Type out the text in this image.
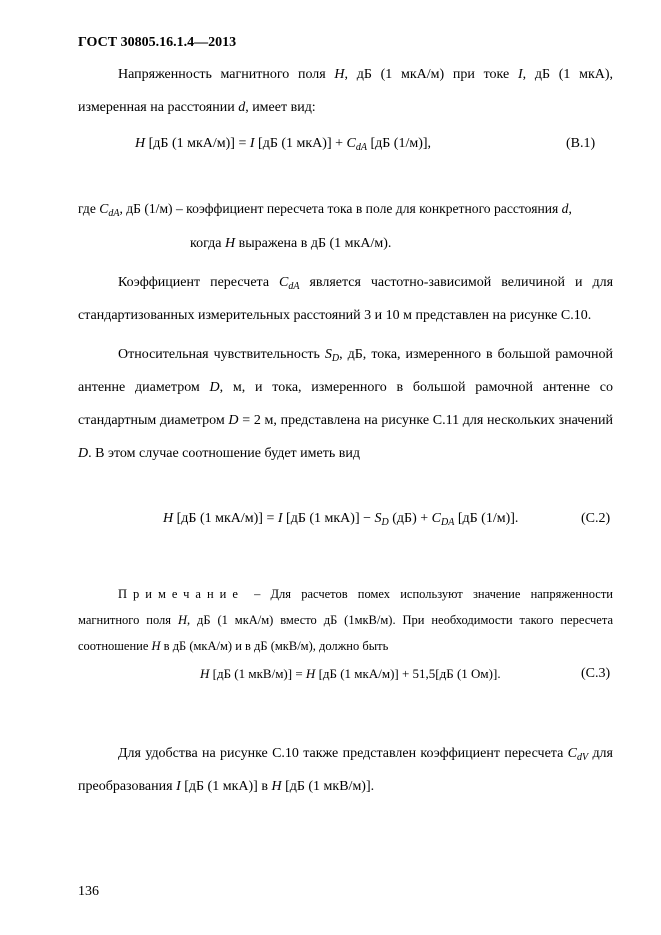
ГОСТ 30805.16.1.4—2013
Напряженность магнитного поля H, дБ (1 мкА/м) при токе I, дБ (1 мкА), измеренная на расстоянии d, имеет вид:
H [дБ (1 мкА/м)] = I [дБ (1 $мкА)] + C_{dA}$ [дБ (1/м)],	(В.1)
где $C_{dA}$, дБ (1/м) – коэффициент пересчета тока в поле для конкретного расстояния d,
когда H выражена в дБ (1 мкА/м).
Коэффициент пересчета $C_{dA}$ является частотно-зависимой величиной и для стандартизованных измерительных расстояний 3 и 10 м представлен на рисунке С.10.
Относительная чувствительность $S_D$, дБ, тока, измеренного в большой рамочной антенне диаметром D, м, и тока, измеренного в большой рамочной антенне со стандартным диаметром D = 2 м, представлена на рисунке С.11 для нескольких значений D. В этом случае соотношение будет иметь вид
H [дБ (1 мкА/м)] = I [дБ (1 $мкА)] - S_D$ $(дБ) + C_{DA}$ [дБ (1/м)].	(С.2)
Примечание – Для расчетов помех используют значение напряженности магнитного поля H, дБ (1 мкА/м) вместо дБ (1мкВ/м). При необходимости такого пересчета соотношение H в дБ (мкА/м) и в дБ (мкВ/м), должно быть
H [дБ (1 мкВ/м)] = H [дБ (1 мкА/м)] + 51,5[дБ (1 Ом)].	(С.3)
Для удобства на рисунке С.10 также представлен коэффициент пересчета $C_{dV}$ для преобразования I [дБ (1 мкА)] в H [дБ (1 мкВ/м)].
136
